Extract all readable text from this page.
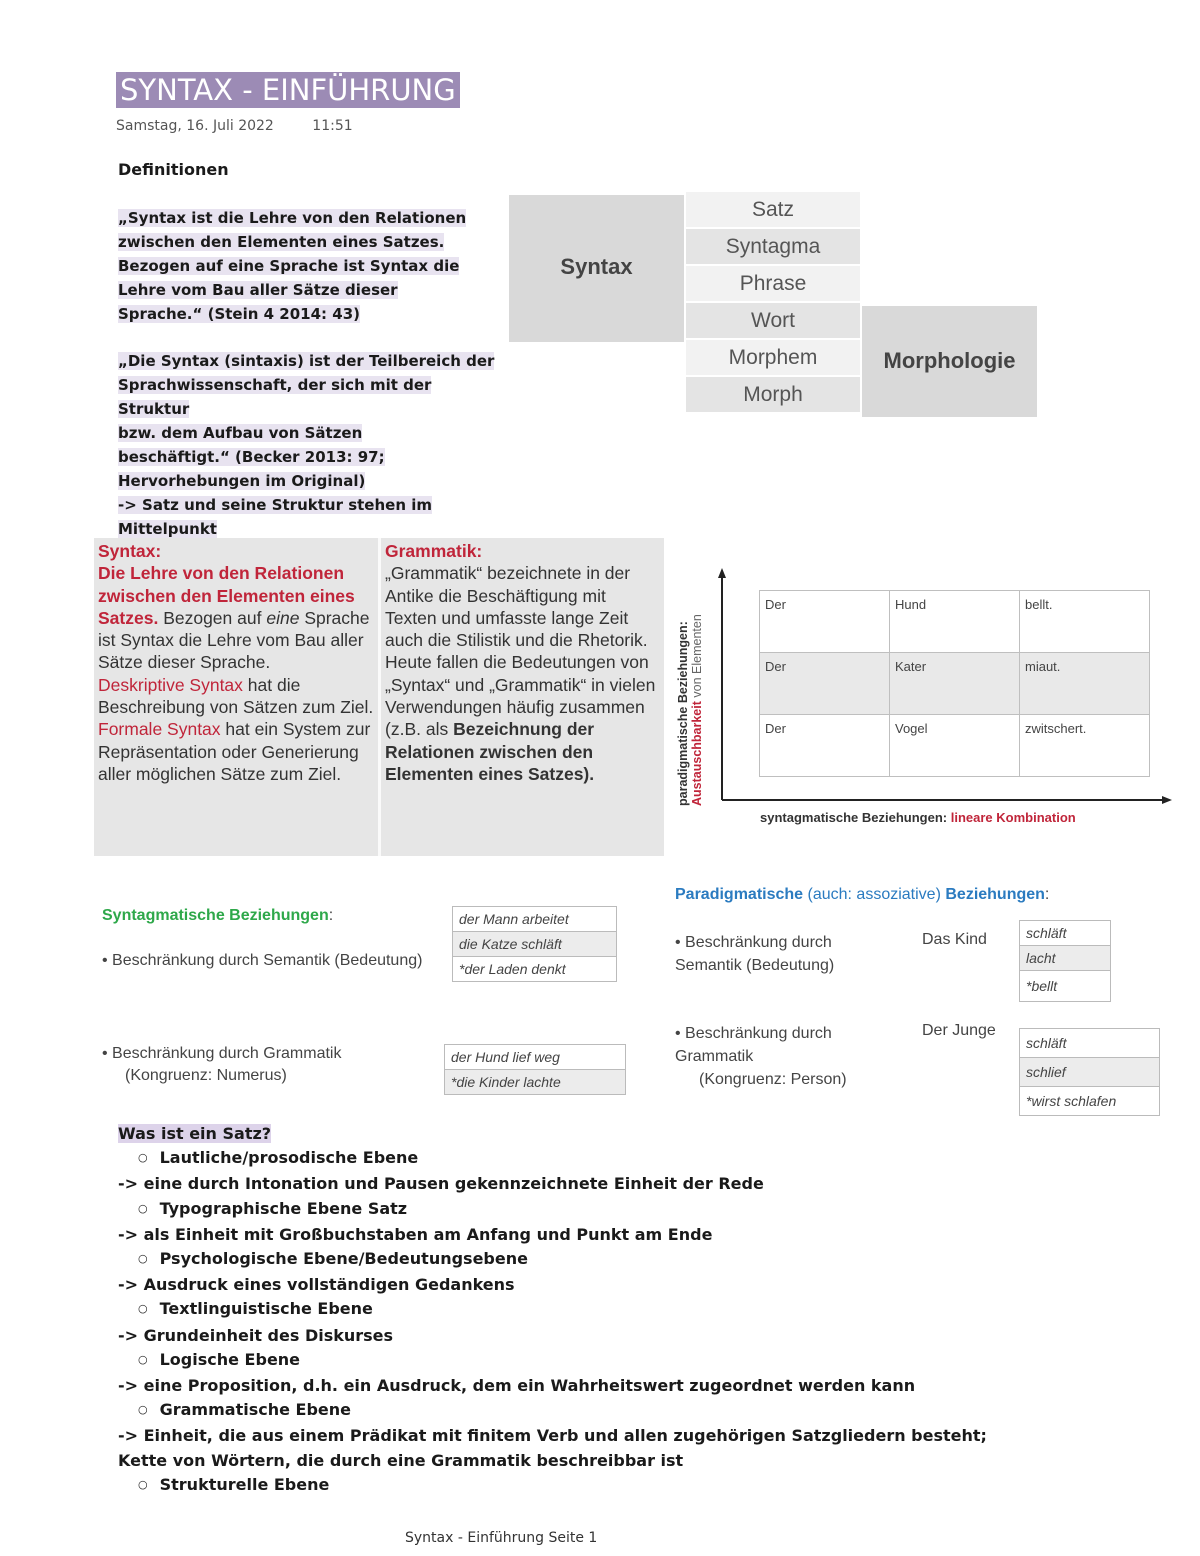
SYNTAX - EINFÜHRUNG
Samstag, 16. Juli 2022	11:51
Definitionen
„Syntax ist die Lehre von den Relationen
zwischen den Elementen eines Satzes.
Bezogen auf eine Sprache ist Syntax die
Lehre vom Bau aller Sätze dieser
Sprache.“ (Stein 4 2014: 43)
„Die Syntax (sintaxis) ist der Teilbereich der
Sprachwissenschaft, der sich mit der Struktur
bzw. dem Aufbau von Sätzen
beschäftigt.“ (Becker 2013: 97;
Hervorhebungen im Original)
-> Satz und seine Struktur stehen im
Mittelpunkt
Syntax
Morphologie
Satz
Syntagma
Phrase
Wort
Morphem
Morph
Syntax:
Die Lehre von den Relationen zwischen den Elementen eines Satzes. Bezogen auf eine Sprache ist Syntax die Lehre vom Bau aller Sätze dieser Sprache.
Deskriptive Syntax hat die Beschreibung von Sätzen zum Ziel.
Formale Syntax hat ein System zur Repräsentation oder Generierung aller möglichen Sätze zum Ziel.
Grammatik:
„Grammatik“ bezeichnete in der Antike die Beschäftigung mit Texten und umfasste lange Zeit auch die Stilistik und die Rhetorik.
Heute fallen die Bedeutungen von „Syntax“ und „Grammatik“ in vielen Verwendungen häufig zusammen (z.B. als Bezeichnung der Relationen zwischen den Elementen eines Satzes).	paradigmatische Beziehungen: Austauschbarkeit von Elementen
Der	Hund	bellt.
Der	Kater	miaut.
Der	Vogel	zwitschert.
syntagmatische Beziehungen: lineare Kombination
Syntagmatische Beziehungen:
• Beschränkung durch Semantik (Bedeutung)
der Mann arbeitet
die Katze schläft
*der Laden denkt
• Beschränkung durch Grammatik
(Kongruenz: Numerus)
der Hund lief weg
*die Kinder lachte
Paradigmatische (auch: assoziative) Beziehungen:
• Beschränkung durch
Semantik (Bedeutung)
Das Kind	schläft
lacht
*bellt
• Beschränkung durch
Grammatik
(Kongruenz: Person)
Der Junge
schläft
schlief
*wirst schlafen
Was ist ein Satz?
○ Lautliche/prosodische Ebene
-> eine durch Intonation und Pausen gekennzeichnete Einheit der Rede
○ Typographische Ebene Satz
-> als Einheit mit Großbuchstaben am Anfang und Punkt am Ende
○ Psychologische Ebene/Bedeutungsebene
-> Ausdruck eines vollständigen Gedankens
○ Textlinguistische Ebene
-> Grundeinheit des Diskurses
○ Logische Ebene
-> eine Proposition, d.h. ein Ausdruck, dem ein Wahrheitswert zugeordnet werden kann
○ Grammatische Ebene
-> Einheit, die aus einem Prädikat mit finitem Verb und allen zugehörigen Satzgliedern besteht;
Kette von Wörtern, die durch eine Grammatik beschreibbar ist
○ Strukturelle Ebene
Syntax - Einführung Seite 1
